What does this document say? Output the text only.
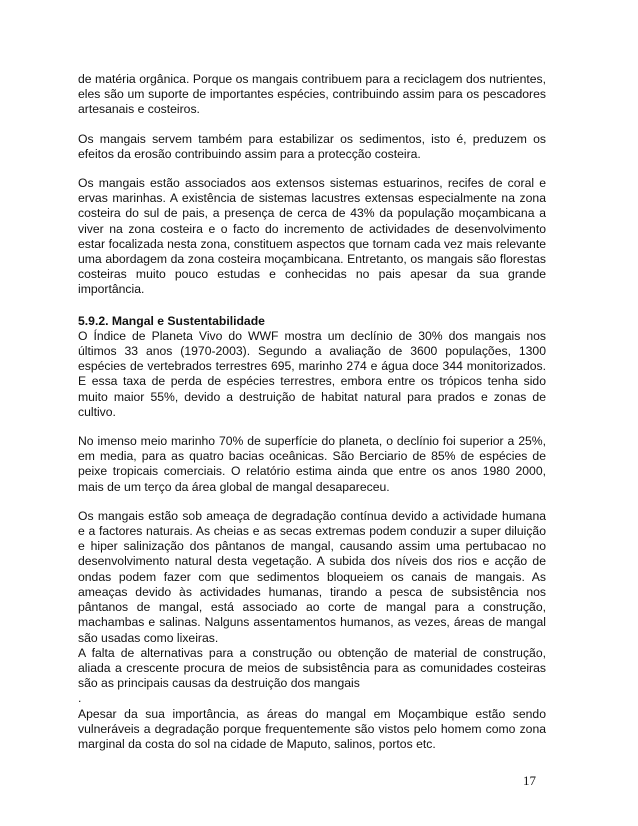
de matéria orgânica. Porque os mangais contribuem para a reciclagem dos nutrientes, eles são um suporte de importantes espécies, contribuindo assim para os pescadores artesanais e costeiros.

Os mangais servem também para estabilizar os sedimentos, isto é, preduzem os efeitos da erosão contribuindo assim para a protecção costeira.

Os mangais estão associados aos extensos sistemas estuarinos, recifes de coral e ervas marinhas. A existência de sistemas lacustres extensas especialmente na zona costeira do sul de pais, a presença de cerca de 43% da população moçambicana a viver na zona costeira e o facto do incremento de actividades de desenvolvimento estar focalizada nesta zona, constituem aspectos que tornam cada vez mais relevante uma abordagem da zona costeira moçambicana. Entretanto, os mangais são florestas costeiras muito pouco estudas e conhecidas no pais apesar da sua grande importância.

5.9.2. Mangal e Sustentabilidade

O Índice de Planeta Vivo do WWF mostra um declínio de 30% dos mangais nos últimos 33 anos (1970-2003). Segundo a avaliação de 3600 populações, 1300 espécies de vertebrados terrestres 695, marinho 274 e água doce 344 monitorizados. E essa taxa de perda de espécies terrestres, embora entre os trópicos tenha sido muito maior 55%, devido a destruição de habitat natural para prados e zonas de cultivo.

No imenso meio marinho 70% de superfície do planeta, o declínio foi superior a 25%, em media, para as quatro bacias oceânicas. São Berciario de 85% de espécies de peixe tropicais comerciais. O relatório estima ainda que entre os anos 1980 2000, mais de um terço da área global de mangal desapareceu.

Os mangais estão sob ameaça de degradação contínua devido a actividade humana e a factores naturais. As cheias e as secas extremas podem conduzir a super diluição e hiper salinização dos pântanos de mangal, causando assim uma pertubacao no desenvolvimento natural desta vegetação. A subida dos níveis dos rios e acção de ondas podem fazer com que sedimentos bloqueiem os canais de mangais. As ameaças devido às actividades humanas, tirando a pesca de subsistência nos pântanos de mangal, está associado ao corte de mangal para a construção, machambas e salinas. Nalguns assentamentos humanos, as vezes, áreas de mangal são usadas como lixeiras.

A falta de alternativas para a construção ou obtenção de material de construção, aliada a crescente procura de meios de subsistência para as comunidades costeiras são as principais causas da destruição dos mangais

.

Apesar da sua importância, as áreas do mangal em Moçambique estão sendo vulneráveis a degradação porque frequentemente são vistos pelo homem como zona marginal da costa do sol na cidade de Maputo, salinos, portos etc.

17
